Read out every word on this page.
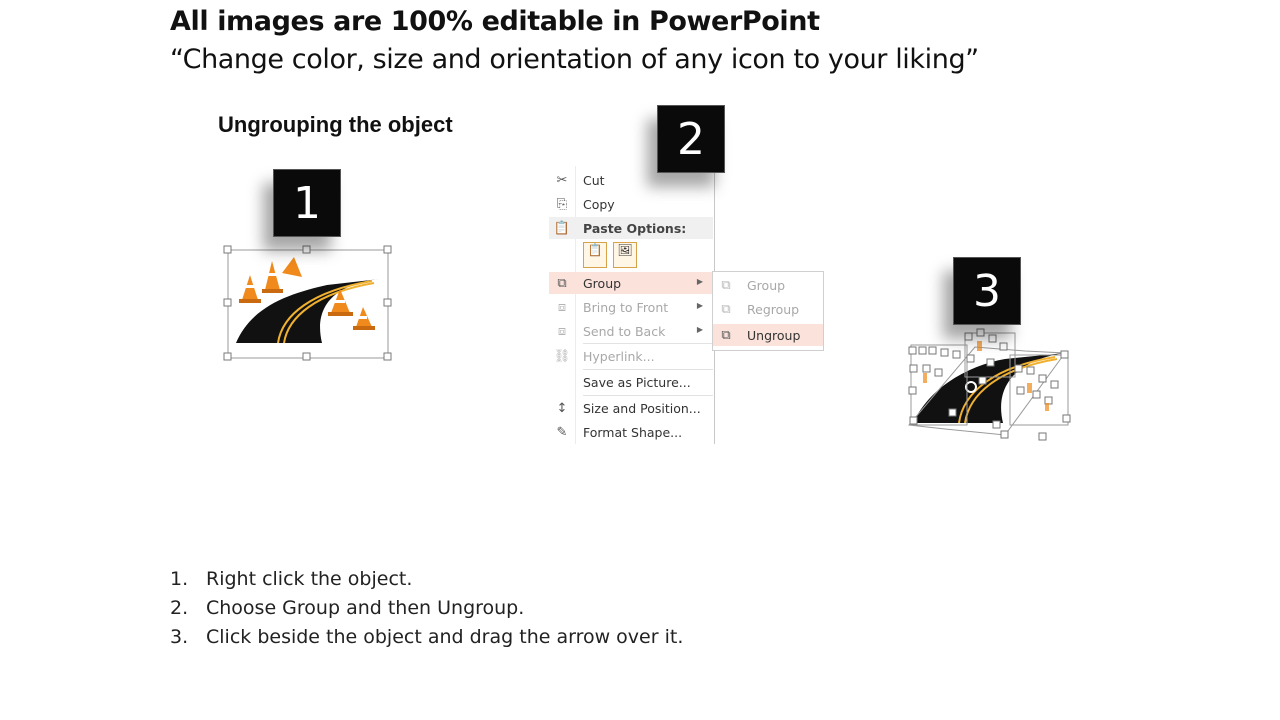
All images are 100% editable in PowerPoint
“Change color, size and orientation of any icon to your liking”
Ungrouping the object
1	✂ Cut
⎘	Copy
📋 Paste Options:
📋	🖼
⧉	Group	▶
⧈	Bring to Front	▶
⧈	Send to Back	▶
⛓ Hyperlink...
Save as Picture...
↕ Size and Position...
✎ Format Shape...
⧉	Group
⧉	Regroup
⧉	Ungroup
2
3
1. Right click the object.
2. Choose Group and then Ungroup.
3. Click beside the object and drag the arrow over it.
